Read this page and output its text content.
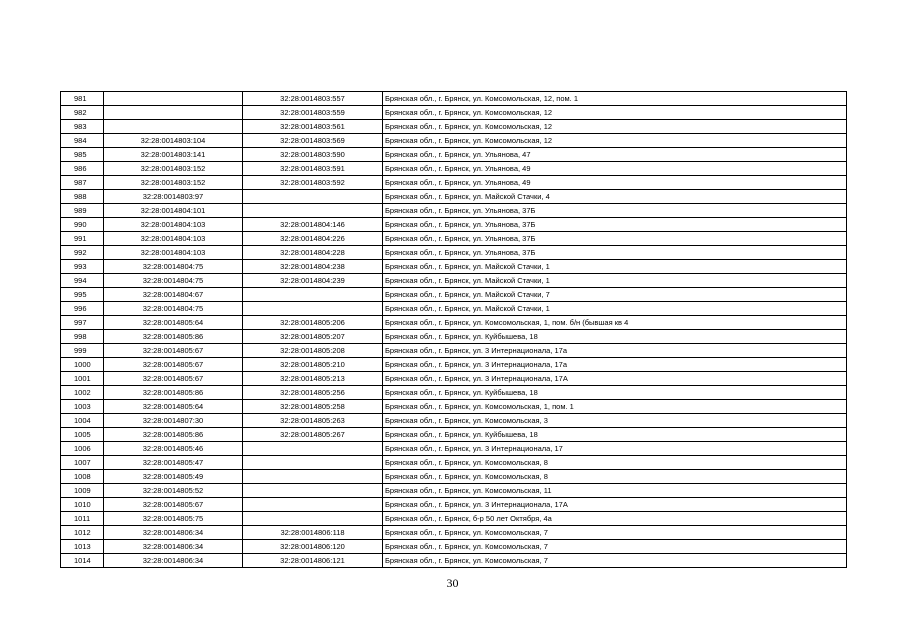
981		32:28:0014803:557	Брянская обл., г. Брянск, ул. Комсомольская, 12, пом. 1
982		32:28:0014803:559	Брянская обл., г. Брянск, ул. Комсомольская, 12
983		32:28:0014803:561	Брянская обл., г. Брянск, ул. Комсомольская, 12
984	32:28:0014803:104	32:28:0014803:569	Брянская обл., г. Брянск, ул. Комсомольская, 12
985	32:28:0014803:141	32:28:0014803:590	Брянская обл., г. Брянск, ул. Ульянова, 47
986	32:28:0014803:152	32:28:0014803:591	Брянская обл., г. Брянск, ул. Ульянова, 49
987	32:28:0014803:152	32:28:0014803:592	Брянская обл., г. Брянск, ул. Ульянова, 49
988	32:28:0014803:97		Брянская обл., г. Брянск, ул. Майской Стачки, 4
989	32:28:0014804:101		Брянская обл., г. Брянск, ул. Ульянова, 37Б
990	32:28:0014804:103	32:28:0014804:146	Брянская обл., г. Брянск, ул. Ульянова, 37Б
991	32:28:0014804:103	32:28:0014804:226	Брянская обл., г. Брянск, ул. Ульянова, 37Б
992	32:28:0014804:103	32:28:0014804:228	Брянская обл., г. Брянск, ул. Ульянова, 37Б
993	32:28:0014804:75	32:28:0014804:238	Брянская обл., г. Брянск, ул. Майской Стачки, 1
994	32:28:0014804:75	32:28:0014804:239	Брянская обл., г. Брянск, ул. Майской Стачки, 1
995	32:28:0014804:67		Брянская обл., г. Брянск, ул. Майской Стачки, 7
996	32:28:0014804:75		Брянская обл., г. Брянск, ул. Майской Стачки, 1
997	32:28:0014805:64	32:28:0014805:206	Брянская обл., г. Брянск, ул. Комсомольская, 1, пом. б/н (бывшая кв 4
998	32:28:0014805:86	32:28:0014805:207	Брянская обл., г. Брянск, ул. Куйбышева, 18
999	32:28:0014805:67	32:28:0014805:208	Брянская обл., г. Брянск, ул. 3 Интернационала, 17а
1000	32:28:0014805:67	32:28:0014805:210	Брянская обл., г. Брянск, ул. 3 Интернационала, 17а
1001	32:28:0014805:67	32:28:0014805:213	Брянская обл., г. Брянск, ул. 3 Интернационала, 17А
1002	32:28:0014805:86	32:28:0014805:256	Брянская обл., г. Брянск, ул. Куйбышева, 18
1003	32:28:0014805:64	32:28:0014805:258	Брянская обл., г. Брянск, ул. Комсомольская, 1, пом. 1
1004	32:28:0014807:30	32:28:0014805:263	Брянская обл., г. Брянск, ул. Комсомольская, 3
1005	32:28:0014805:86	32:28:0014805:267	Брянская обл., г. Брянск, ул. Куйбышева, 18
1006	32:28:0014805:46		Брянская обл., г. Брянск, ул. 3 Интернационала, 17
1007	32:28:0014805:47		Брянская обл., г. Брянск, ул. Комсомольская, 8
1008	32:28:0014805:49		Брянская обл., г. Брянск, ул. Комсомольская, 8
1009	32:28:0014805:52		Брянская обл., г. Брянск, ул. Комсомольская, 11
1010	32:28:0014805:67		Брянская обл., г. Брянск, ул. 3 Интернационала, 17А
1011	32:28:0014805:75		Брянская обл., г. Брянск, б-р 50 лет Октября, 4а
1012	32:28:0014806:34	32:28:0014806:118	Брянская обл., г. Брянск, ул. Комсомольская, 7
1013	32:28:0014806:34	32:28:0014806:120	Брянская обл., г. Брянск, ул. Комсомольская, 7
1014	32:28:0014806:34	32:28:0014806:121	Брянская обл., г. Брянск, ул. Комсомольская, 7
30
